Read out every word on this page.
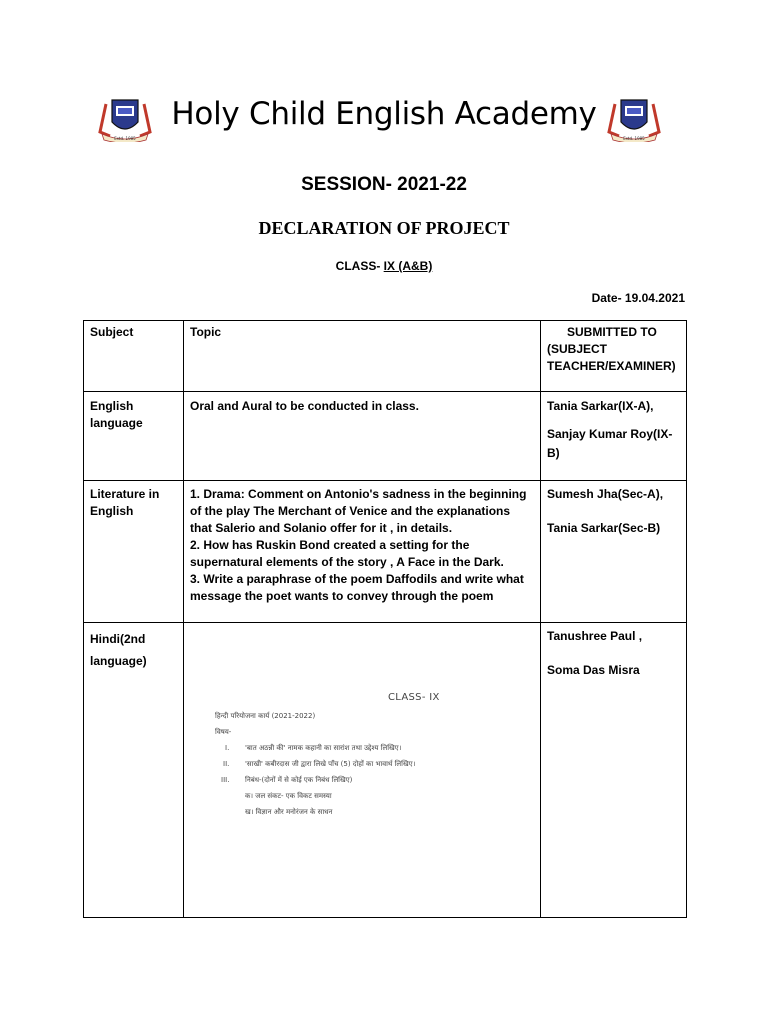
Estd. 1985	Estd. 1985
Holy Child English Academy
SESSION- 2021-22
DECLARATION OF PROJECT
CLASS- IX (A&B)
Date- 19.04.2021
Subject	Topic	SUBMITTED TO (SUBJECT TEACHER/EXAMINER)

English language	Oral and Aural to be conducted in class.	Tania Sarkar(IX-A),
Sanjay Kumar Roy(IX-B)

Literature in English	1. Drama: Comment on Antonio's sadness in the beginning of the play The Merchant of Venice and the explanations that Salerio and Solanio offer for it , in details.
2. How has Ruskin Bond created a setting for the supernatural elements of the story , A Face in the Dark.
3. Write a paraphrase of the poem Daffodils and write what message the poet wants to convey through the poem	Sumesh Jha(Sec-A),
Tania Sarkar(Sec-B)

Hindi(2nd language)		Tanushree Paul ,
Soma Das Misra
CLASS- IX
हिन्दी परियोजना कार्य (2021-2022)
विषय-
I. 'बात अठन्नी की' नामक कहानी का सारांश तथा उद्देश्य लिखिए।
II. 'साखी' कबीरदास जी द्वारा लिखे पाँच (5) दोहों का भावार्थ लिखिए।
III. निबंध-(दोनों में से कोई एक निबंध लिखिए)
क। जल संकट- एक विकट समस्या
ख। विज्ञान और मनोरंजन के साधन
